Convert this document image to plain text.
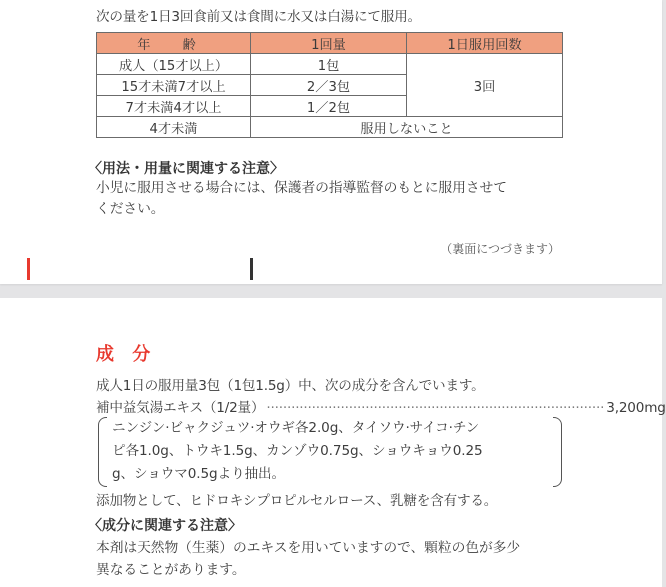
次の量を1日3回食前又は食間に水又は白湯にて服用。
年 齢	1回量	1日服用回数
成人（15才以上）	1包	3回
15才未満7才以上	2／3包	
7才未満4才以上	1／2包	
4才未満	服用しないこと	
〈用法・用量に関連する注意〉
小児に服用させる場合には、保護者の指導監督のもとに服用させて
ください。
（裏面につづきます）
成 分
成人1日の服用量3包（1包1.5g）中、次の成分を含んでいます。
補中益気湯エキス（1/2量） ·················································································· 3,200mg
ニンジン·ビャクジュツ·オウギ各2.0g、タイソウ·サイコ·チン
ピ各1.0g、トウキ1.5g、カンゾウ0.75g、ショウキョウ0.25
g、ショウマ0.5gより抽出。
添加物として、ヒドロキシプロピルセルロース、乳糖を含有する。
〈成分に関連する注意〉
本剤は天然物（生薬）のエキスを用いていますので、顆粒の色が多少
異なることがあります。
